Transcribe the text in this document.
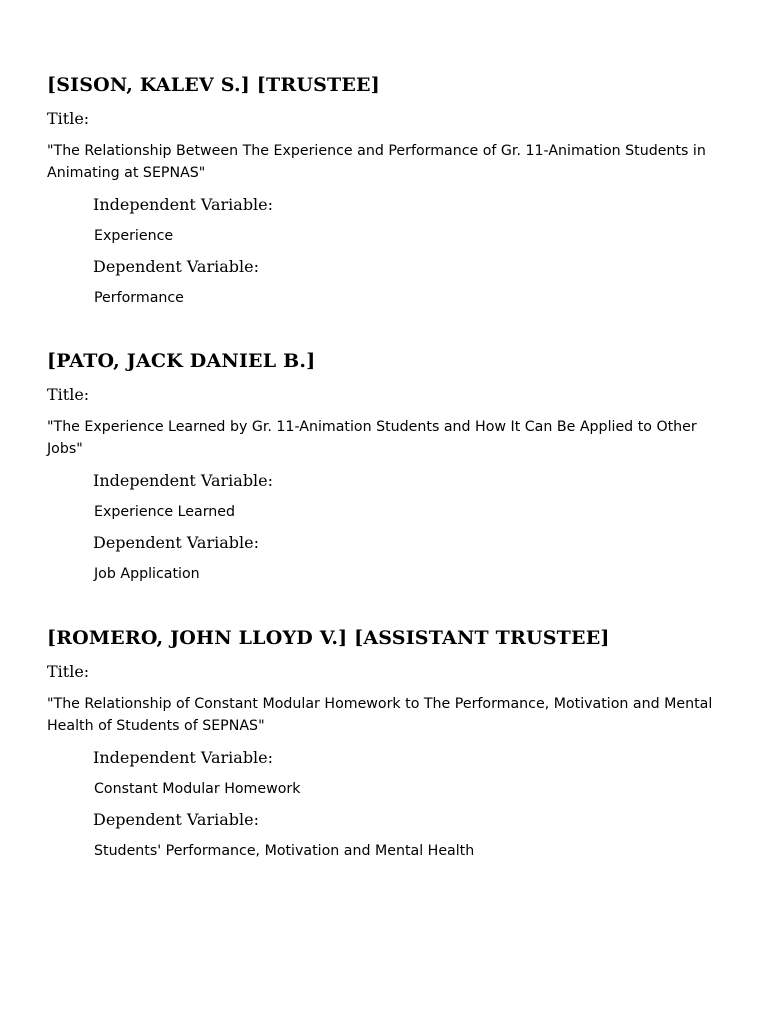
[SISON, KALEV S.] [TRUSTEE]
Title:

"The Relationship Between The Experience and Performance of Gr. 11-Animation Students in Animating at SEPNAS"

Independent Variable:
Experience
Dependent Variable:
Performance
[PATO, JACK DANIEL B.]
Title:

"The Experience Learned by Gr. 11-Animation Students and How It Can Be Applied to Other Jobs"

Independent Variable:
Experience Learned
Dependent Variable:
Job Application
[ROMERO, JOHN LLOYD V.] [ASSISTANT TRUSTEE]
Title:

"The Relationship of Constant Modular Homework to The Performance, Motivation and Mental Health of Students of SEPNAS"

Independent Variable:
Constant Modular Homework
Dependent Variable:
Students' Performance, Motivation and Mental Health
